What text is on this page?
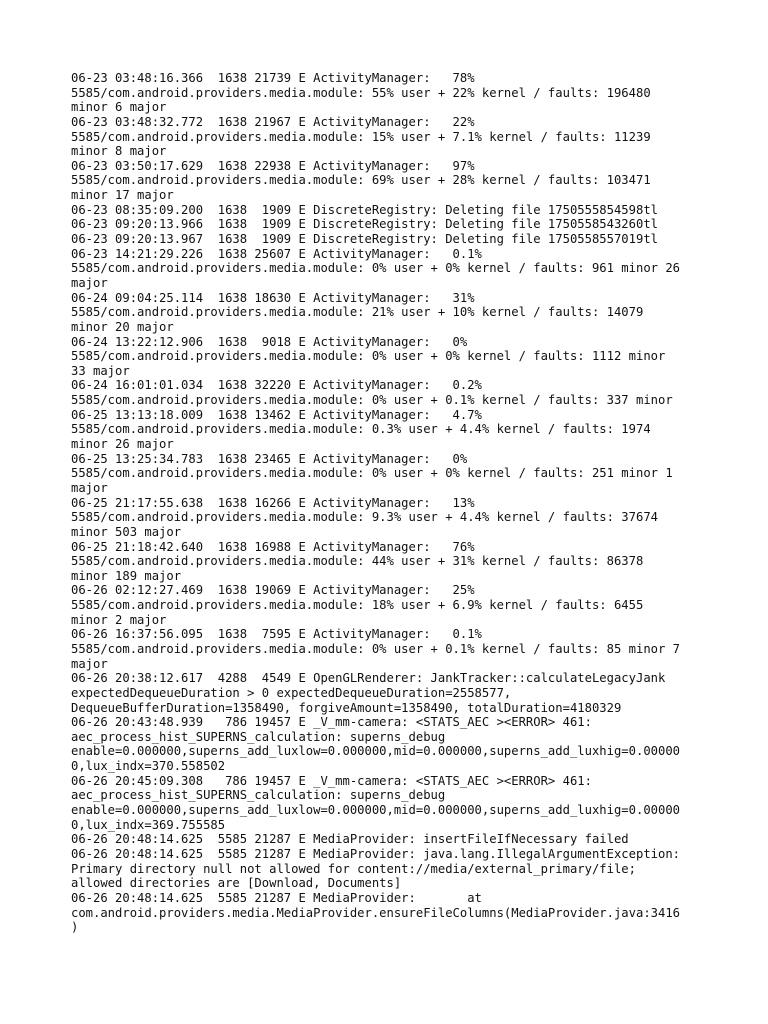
06-23 03:48:16.366  1638 21739 E ActivityManager:   78%
5585/com.android.providers.media.module: 55% user + 22% kernel / faults: 196480
minor 6 major
06-23 03:48:32.772  1638 21967 E ActivityManager:   22%
5585/com.android.providers.media.module: 15% user + 7.1% kernel / faults: 11239
minor 8 major
06-23 03:50:17.629  1638 22938 E ActivityManager:   97%
5585/com.android.providers.media.module: 69% user + 28% kernel / faults: 103471
minor 17 major
06-23 08:35:09.200  1638  1909 E DiscreteRegistry: Deleting file 1750555854598tl
06-23 09:20:13.966  1638  1909 E DiscreteRegistry: Deleting file 1750558543260tl
06-23 09:20:13.967  1638  1909 E DiscreteRegistry: Deleting file 1750558557019tl
06-23 14:21:29.226  1638 25607 E ActivityManager:   0.1%
5585/com.android.providers.media.module: 0% user + 0% kernel / faults: 961 minor 26
major
06-24 09:04:25.114  1638 18630 E ActivityManager:   31%
5585/com.android.providers.media.module: 21% user + 10% kernel / faults: 14079
minor 20 major
06-24 13:22:12.906  1638  9018 E ActivityManager:   0%
5585/com.android.providers.media.module: 0% user + 0% kernel / faults: 1112 minor
33 major
06-24 16:01:01.034  1638 32220 E ActivityManager:   0.2%
5585/com.android.providers.media.module: 0% user + 0.1% kernel / faults: 337 minor
06-25 13:13:18.009  1638 13462 E ActivityManager:   4.7%
5585/com.android.providers.media.module: 0.3% user + 4.4% kernel / faults: 1974
minor 26 major
06-25 13:25:34.783  1638 23465 E ActivityManager:   0%
5585/com.android.providers.media.module: 0% user + 0% kernel / faults: 251 minor 1
major
06-25 21:17:55.638  1638 16266 E ActivityManager:   13%
5585/com.android.providers.media.module: 9.3% user + 4.4% kernel / faults: 37674
minor 503 major
06-25 21:18:42.640  1638 16988 E ActivityManager:   76%
5585/com.android.providers.media.module: 44% user + 31% kernel / faults: 86378
minor 189 major
06-26 02:12:27.469  1638 19069 E ActivityManager:   25%
5585/com.android.providers.media.module: 18% user + 6.9% kernel / faults: 6455
minor 2 major
06-26 16:37:56.095  1638  7595 E ActivityManager:   0.1%
5585/com.android.providers.media.module: 0% user + 0.1% kernel / faults: 85 minor 7
major
06-26 20:38:12.617  4288  4549 E OpenGLRenderer: JankTracker::calculateLegacyJank
expectedDequeueDuration > 0 expectedDequeueDuration=2558577,
DequeueBufferDuration=1358490, forgiveAmount=1358490, totalDuration=4180329
06-26 20:43:48.939   786 19457 E _V_mm-camera: <STATS_AEC ><ERROR> 461:
aec_process_hist_SUPERNS_calculation: superns_debug
enable=0.000000,superns_add_luxlow=0.000000,mid=0.000000,superns_add_luxhig=0.00000
0,lux_indx=370.558502
06-26 20:45:09.308   786 19457 E _V_mm-camera: <STATS_AEC ><ERROR> 461:
aec_process_hist_SUPERNS_calculation: superns_debug
enable=0.000000,superns_add_luxlow=0.000000,mid=0.000000,superns_add_luxhig=0.00000
0,lux_indx=369.755585
06-26 20:48:14.625  5585 21287 E MediaProvider: insertFileIfNecessary failed
06-26 20:48:14.625  5585 21287 E MediaProvider: java.lang.IllegalArgumentException:
Primary directory null not allowed for content://media/external_primary/file;
allowed directories are [Download, Documents]
06-26 20:48:14.625  5585 21287 E MediaProvider:       at
com.android.providers.media.MediaProvider.ensureFileColumns(MediaProvider.java:3416
)
